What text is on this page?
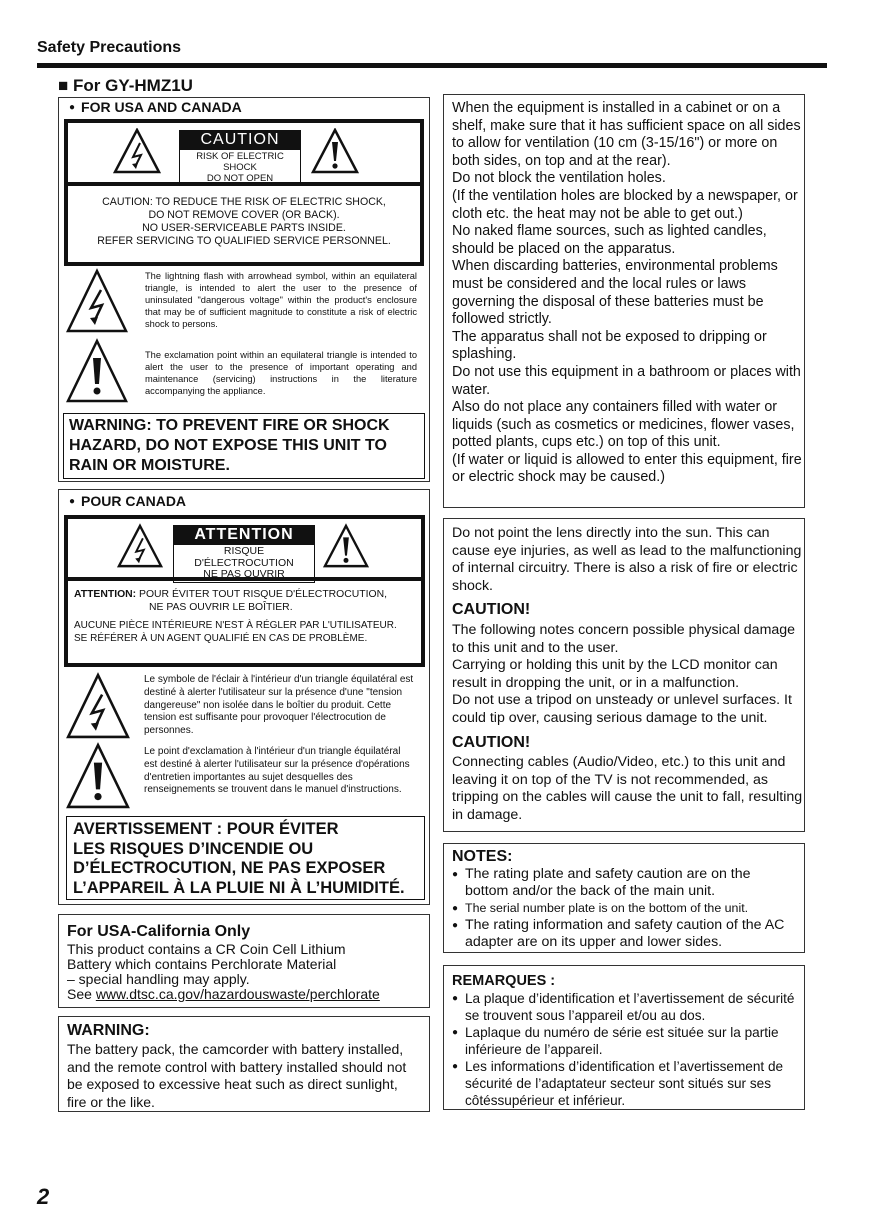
Safety Precautions
■ For GY-HMZ1U
● FOR USA AND CANADA
CAUTION
RISK OF ELECTRIC SHOCK
DO NOT OPEN
CAUTION: TO REDUCE THE RISK OF ELECTRIC SHOCK,
DO NOT REMOVE COVER (OR BACK).
NO USER-SERVICEABLE PARTS INSIDE.
REFER SERVICING TO QUALIFIED SERVICE PERSONNEL.
The lightning flash with arrowhead symbol, within an equilateral triangle, is intended to alert the user to the presence of uninsulated "dangerous voltage" within the product's enclosure that may be of sufficient magnitude to constitute a risk of electric shock to persons.
The exclamation point within an equilateral triangle is intended to alert the user to the presence of important operating and maintenance (servicing) instructions in the literature accompanying the appliance.
WARNING: TO PREVENT FIRE OR SHOCK HAZARD, DO NOT EXPOSE THIS UNIT TO RAIN OR MOISTURE.
● POUR CANADA
ATTENTION
RISQUE D'ÉLECTROCUTION
NE PAS OUVRIR
ATTENTION: POUR ÉVITER TOUT RISQUE D'ÉLECTROCUTION,
NE PAS OUVRIR LE BOÎTIER.
AUCUNE PIÈCE INTÉRIEURE N'EST À RÉGLER PAR L'UTILISATEUR.
SE RÉFÉRER À UN AGENT QUALIFIÉ EN CAS DE PROBLÈME.
Le symbole de l'éclair à l'intérieur d'un triangle équilatéral est destiné à alerter l'utilisateur sur la présence d'une "tension dangereuse" non isolée dans le boîtier du produit. Cette tension est suffisante pour provoquer l'électrocution de personnes.
Le point d'exclamation à l'intérieur d'un triangle équilatéral est destiné à alerter l'utilisateur sur la présence d'opérations d'entretien importantes au sujet desquelles des renseignements se trouvent dans le manuel d'instructions.
AVERTISSEMENT : POUR ÉVITER
LES RISQUES D’INCENDIE OU
D’ÉLECTROCUTION, NE PAS EXPOSER
L’APPAREIL À LA PLUIE NI À L’HUMIDITÉ.
For USA-California Only
This product contains a CR Coin Cell Lithium
Battery which contains Perchlorate Material
– special handling may apply.
See www.dtsc.ca.gov/hazardouswaste/perchlorate
WARNING:
The battery pack, the camcorder with battery installed, and the remote control with battery installed should not be exposed to excessive heat such as direct sunlight, fire or the like.
When the equipment is installed in a cabinet or on a shelf, make sure that it has sufficient space on all sides to allow for ventilation (10 cm (3-15/16") or more on both sides, on top and at the rear).
Do not block the ventilation holes.
(If the ventilation holes are blocked by a newspaper, or cloth etc. the heat may not be able to get out.)
No naked flame sources, such as lighted candles, should be placed on the apparatus.
When discarding batteries, environmental problems must be considered and the local rules or laws governing the disposal of these batteries must be followed strictly.
The apparatus shall not be exposed to dripping or splashing.
Do not use this equipment in a bathroom or places with water.
Also do not place any containers filled with water or liquids (such as cosmetics or medicines, flower vases, potted plants, cups etc.) on top of this unit.
(If water or liquid is allowed to enter this equipment, fire or electric shock may be caused.)
Do not point the lens directly into the sun. This can cause eye injuries, as well as lead to the malfunctioning of internal circuitry. There is also a risk of fire or electric shock.
CAUTION!
The following notes concern possible physical damage to this unit and to the user.
Carrying or holding this unit by the LCD monitor can result in dropping the unit, or in a malfunction.
Do not use a tripod on unsteady or unlevel surfaces. It could tip over, causing serious damage to the unit.
CAUTION!
Connecting cables (Audio/Video, etc.) to this unit and leaving it on top of the TV is not recommended, as tripping on the cables will cause the unit to fall, resulting in damage.
NOTES:
● The rating plate and safety caution are on the bottom and/or the back of the main unit.
● The serial number plate is on the bottom of the unit.
● The rating information and safety caution of the AC adapter are on its upper and lower sides.
REMARQUES :
● La plaque d’identification et l’avertissement de sécurité se trouvent sous l’appareil et/ou au dos.
● Laplaque du numéro de série est située sur la partie inférieure de l’appareil.
● Les informations d’identification et l’avertissement de sécurité de l’adaptateur secteur sont situés sur ses côtéssupérieur et inférieur.
2
